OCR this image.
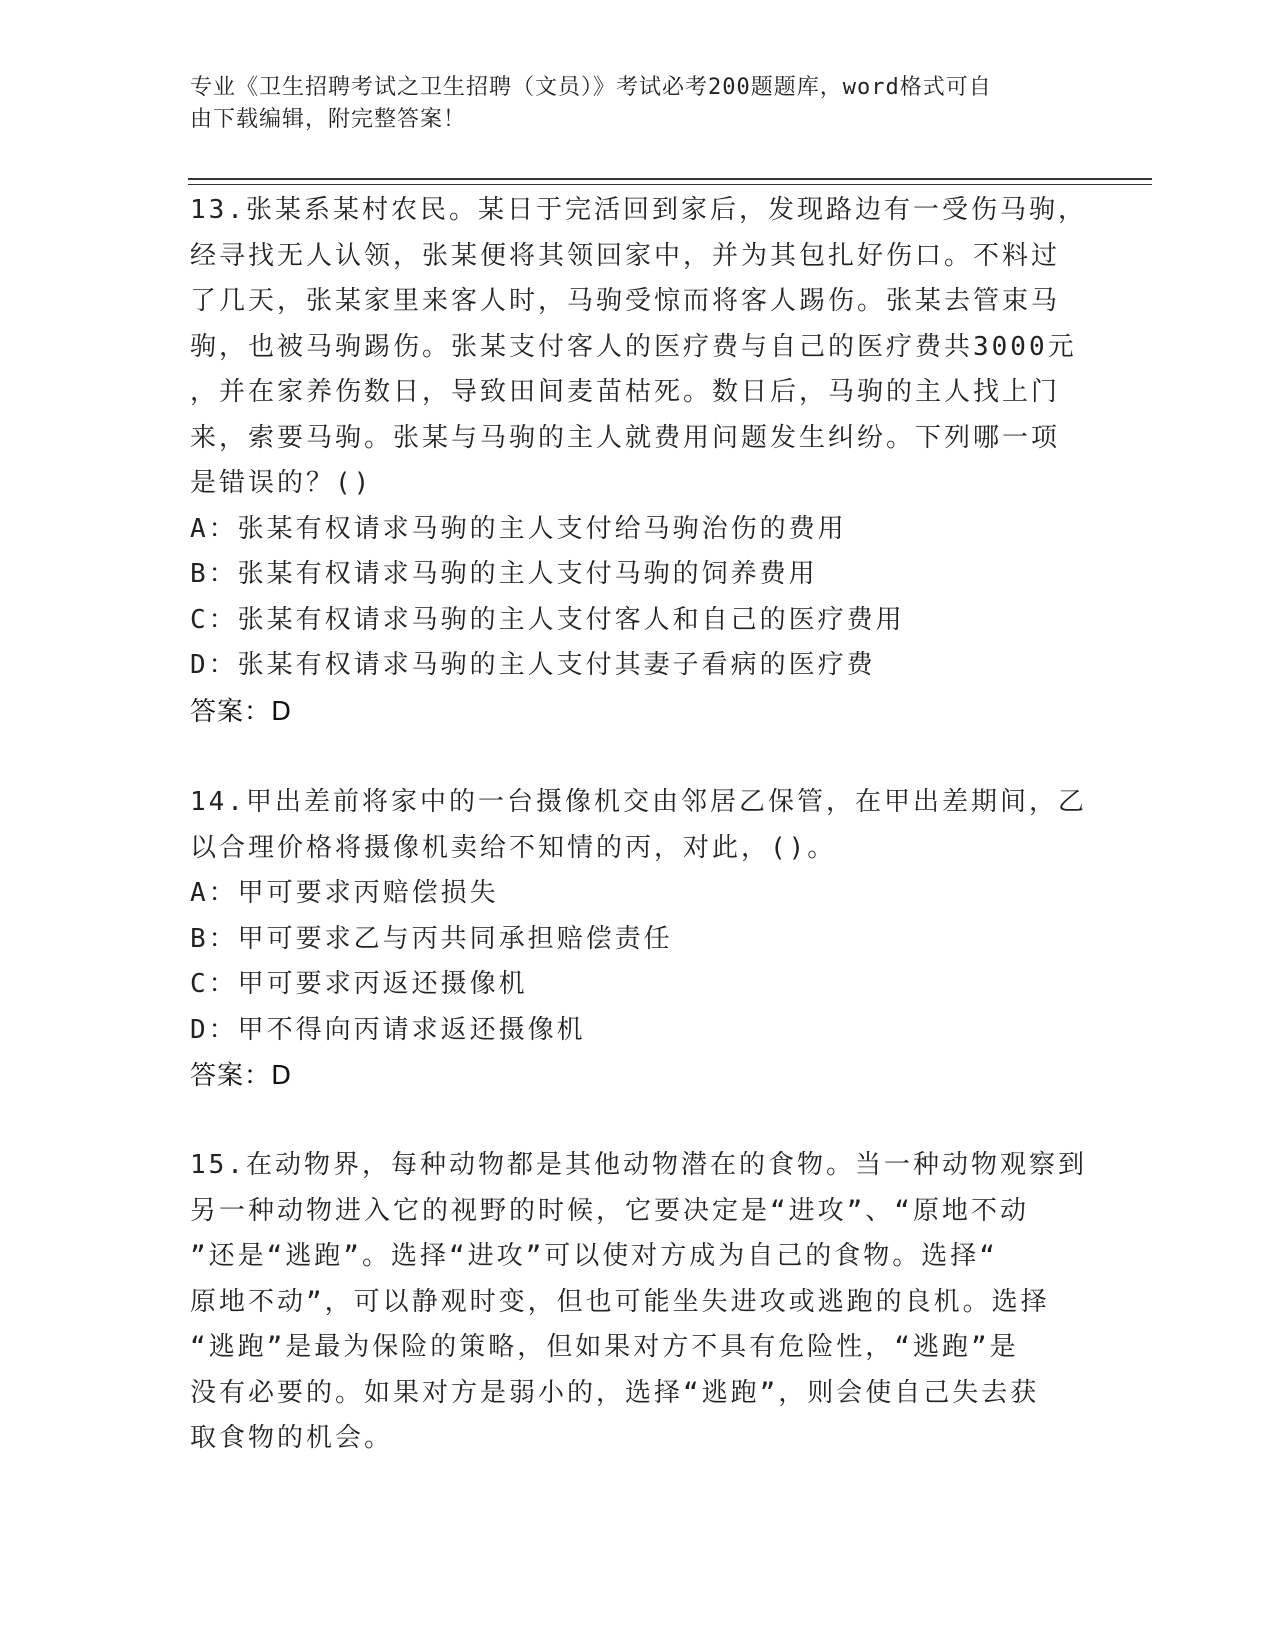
专业《卫生招聘考试之卫生招聘（文员）》考试必考200题题库，word格式可自
由下载编辑，附完整答案！
13.张某系某村农民。某日于完活回到家后，发现路边有一受伤马驹，
经寻找无人认领，张某便将其领回家中，并为其包扎好伤口。不料过
了几天，张某家里来客人时，马驹受惊而将客人踢伤。张某去管束马
驹，也被马驹踢伤。张某支付客人的医疗费与自己的医疗费共3000元
，并在家养伤数日，导致田间麦苗枯死。数日后，马驹的主人找上门
来，索要马驹。张某与马驹的主人就费用问题发生纠纷。下列哪一项
是错误的？()
A：张某有权请求马驹的主人支付给马驹治伤的费用
B：张某有权请求马驹的主人支付马驹的饲养费用
C：张某有权请求马驹的主人支付客人和自己的医疗费用
D：张某有权请求马驹的主人支付其妻子看病的医疗费
答案：D
14.甲出差前将家中的一台摄像机交由邻居乙保管，在甲出差期间，乙
以合理价格将摄像机卖给不知情的丙，对此，()。
A：甲可要求丙赔偿损失
B：甲可要求乙与丙共同承担赔偿责任
C：甲可要求丙返还摄像机
D：甲不得向丙请求返还摄像机
答案：D
15.在动物界，每种动物都是其他动物潜在的食物。当一种动物观察到
另一种动物进入它的视野的时候，它要决定是“进攻”、“原地不动
”还是“逃跑”。选择“进攻”可以使对方成为自己的食物。选择“
原地不动”，可以静观时变，但也可能坐失进攻或逃跑的良机。选择
“逃跑”是最为保险的策略，但如果对方不具有危险性，“逃跑”是
没有必要的。如果对方是弱小的，选择“逃跑”，则会使自己失去获
取食物的机会。
